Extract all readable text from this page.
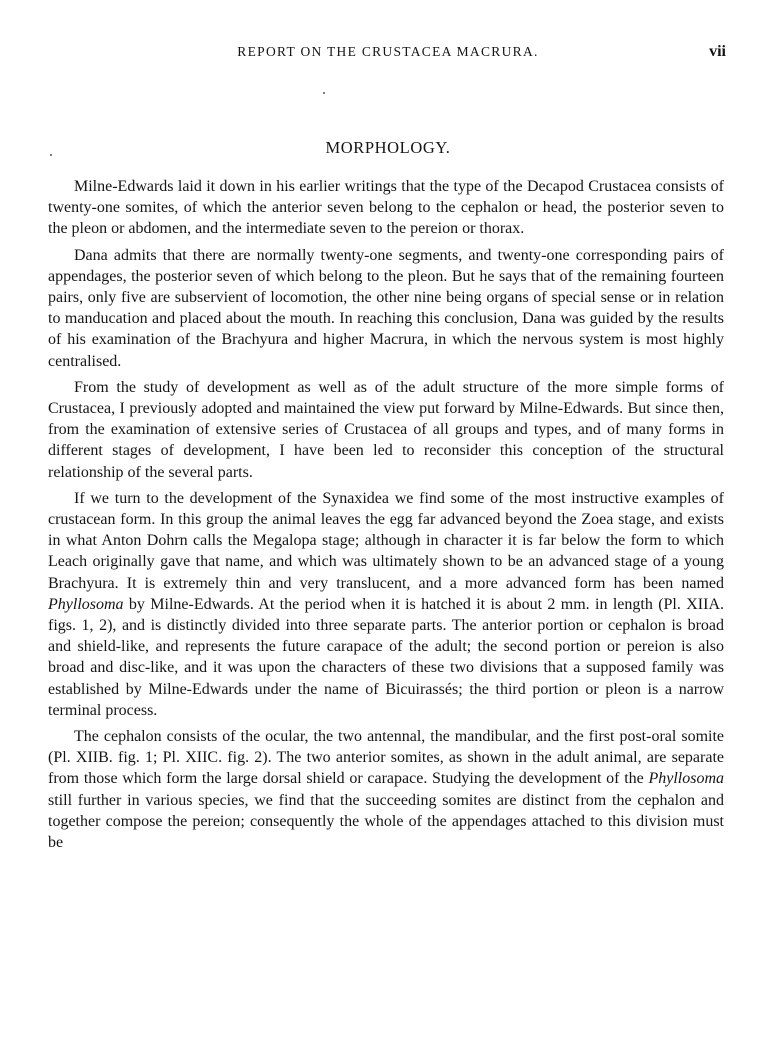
REPORT ON THE CRUSTACEA MACRURA.	vii
MORPHOLOGY.

Milne-Edwards laid it down in his earlier writings that the type of the Decapod Crustacea consists of twenty-one somites, of which the anterior seven belong to the cephalon or head, the posterior seven to the pleon or abdomen, and the intermediate seven to the pereion or thorax.

Dana admits that there are normally twenty-one segments, and twenty-one corresponding pairs of appendages, the posterior seven of which belong to the pleon. But he says that of the remaining fourteen pairs, only five are subservient of locomotion, the other nine being organs of special sense or in relation to manducation and placed about the mouth. In reaching this conclusion, Dana was guided by the results of his examination of the Brachyura and higher Macrura, in which the nervous system is most highly centralised.

From the study of development as well as of the adult structure of the more simple forms of Crustacea, I previously adopted and maintained the view put forward by Milne-Edwards. But since then, from the examination of extensive series of Crustacea of all groups and types, and of many forms in different stages of development, I have been led to reconsider this conception of the structural relationship of the several parts.

If we turn to the development of the Synaxidea we find some of the most instructive examples of crustacean form. In this group the animal leaves the egg far advanced beyond the Zoea stage, and exists in what Anton Dohrn calls the Megalopa stage; although in character it is far below the form to which Leach originally gave that name, and which was ultimately shown to be an advanced stage of a young Brachyura. It is extremely thin and very translucent, and a more advanced form has been named Phyllosoma by Milne-Edwards. At the period when it is hatched it is about 2 mm. in length (Pl. XIIA. figs. 1, 2), and is distinctly divided into three separate parts. The anterior portion or cephalon is broad and shield-like, and represents the future carapace of the adult; the second portion or pereion is also broad and disc-like, and it was upon the characters of these two divisions that a supposed family was established by Milne-Edwards under the name of Bicuirassés; the third portion or pleon is a narrow terminal process.

The cephalon consists of the ocular, the two antennal, the mandibular, and the first post-oral somite (Pl. XIIB. fig. 1; Pl. XIIC. fig. 2). The two anterior somites, as shown in the adult animal, are separate from those which form the large dorsal shield or carapace. Studying the development of the Phyllosoma still further in various species, we find that the succeeding somites are distinct from the cephalon and together compose the pereion; consequently the whole of the appendages attached to this division must be
